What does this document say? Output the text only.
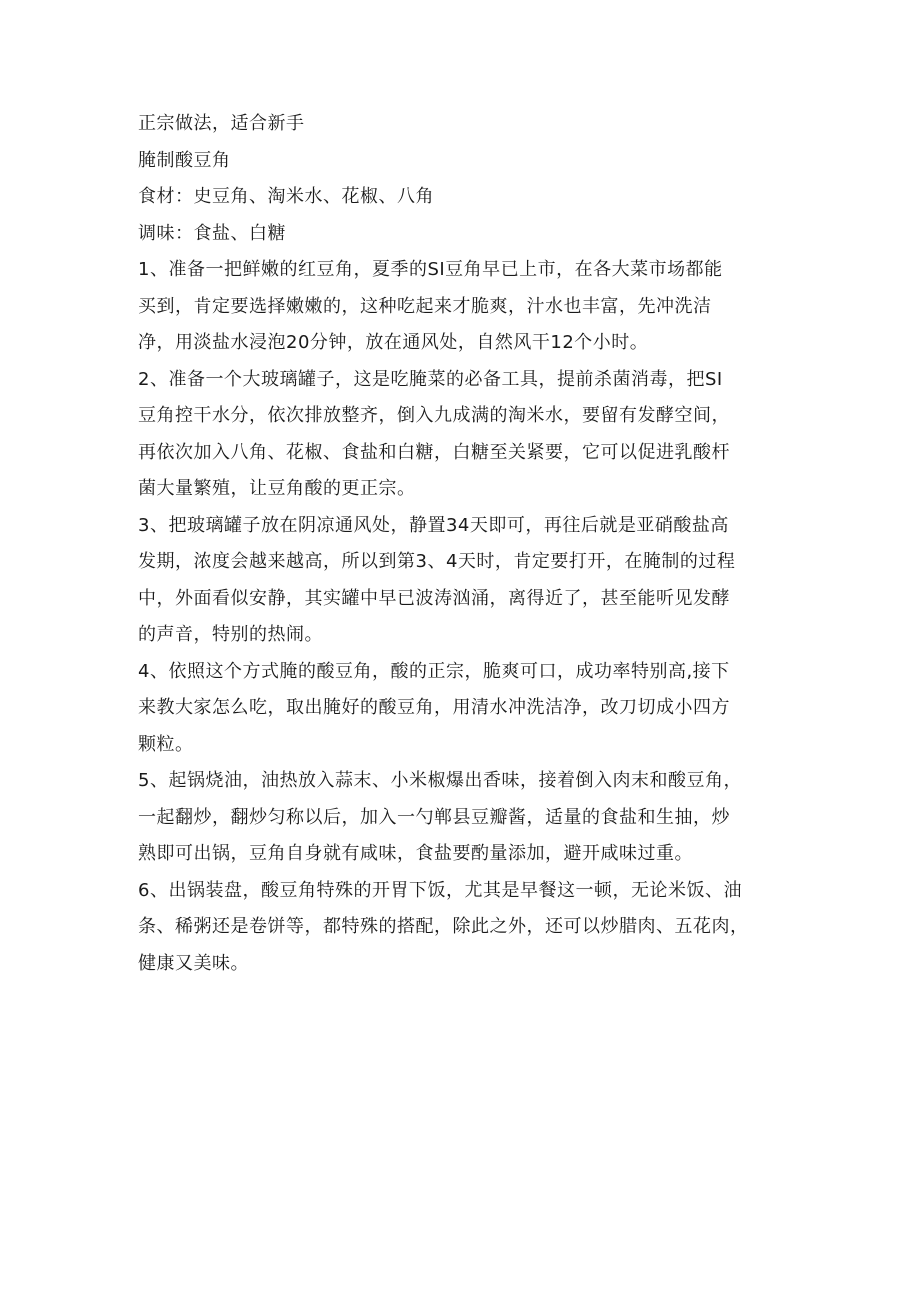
正宗做法，适合新手

腌制酸豆角

食材：史豆角、淘米水、花椒、八角

调味：食盐、白糖

1、准备一把鲜嫩的红豆角，夏季的SI豆角早已上市，在各大菜市场都能
买到，肯定要选择嫩嫩的，这种吃起来才脆爽，汁水也丰富，先冲洗洁
净，用淡盐水浸泡20分钟，放在通风处，自然风干12个小时。
2、准备一个大玻璃罐子，这是吃腌菜的必备工具，提前杀菌消毒，把SI
豆角控干水分，依次排放整齐，倒入九成满的淘米水，要留有发酵空间，
再依次加入八角、花椒、食盐和白糖，白糖至关紧要，它可以促进乳酸杆
菌大量繁殖，让豆角酸的更正宗。
3、把玻璃罐子放在阴凉通风处，静置34天即可，再往后就是亚硝酸盐高
发期，浓度会越来越高，所以到第3、4天时，肯定要打开，在腌制的过程
中，外面看似安静，其实罐中早已波涛汹涌，离得近了，甚至能听见发酵
的声音，特别的热闹。
4、依照这个方式腌的酸豆角，酸的正宗，脆爽可口，成功率特别高,接下
来教大家怎么吃，取出腌好的酸豆角，用清水冲洗洁净，改刀切成小四方
颗粒。
5、起锅烧油，油热放入蒜末、小米椒爆出香味，接着倒入肉末和酸豆角，
一起翻炒，翻炒匀称以后，加入一勺郸县豆瓣酱，适量的食盐和生抽，炒
熟即可出锅，豆角自身就有咸味，食盐要酌量添加，避开咸味过重。
6、出锅装盘，酸豆角特殊的开胃下饭，尤其是早餐这一顿，无论米饭、油
条、稀粥还是卷饼等，都特殊的搭配，除此之外，还可以炒腊肉、五花肉，
健康又美味。
